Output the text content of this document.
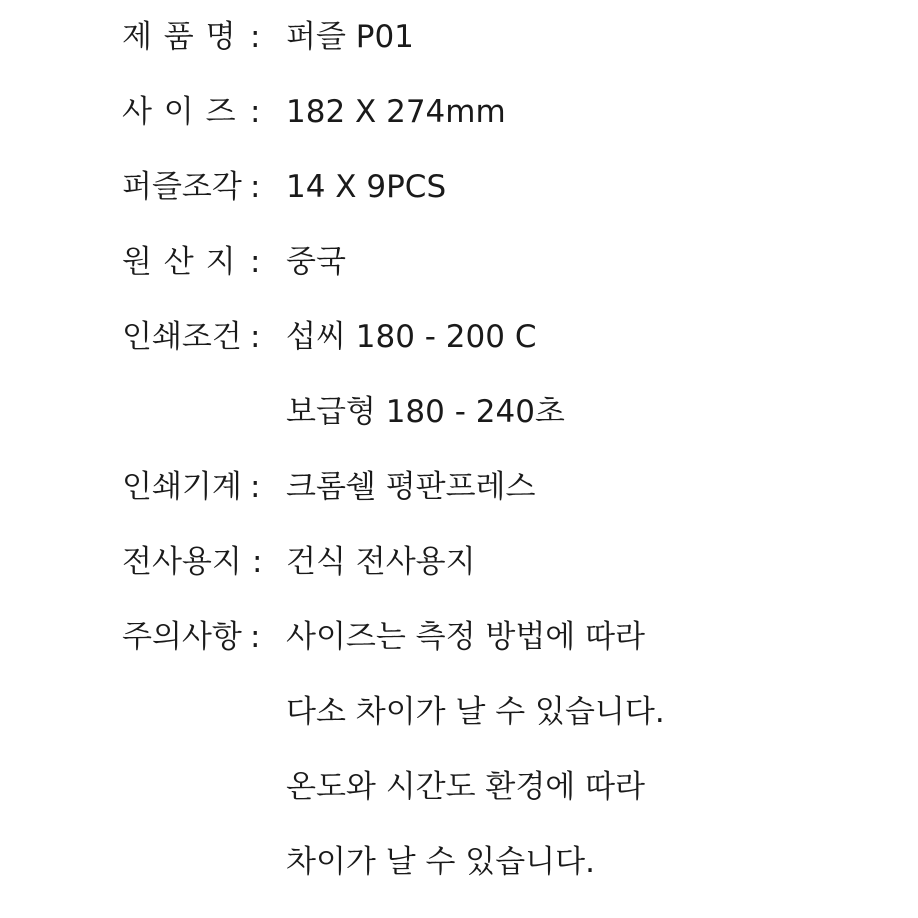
제 품 명 : 퍼즐 P01
사 이 즈 : 182 X 274mm
퍼즐조각 : 14 X 9PCS
원 산 지 : 중국
인쇄조건 : 섭씨 180 - 200 C
보급형 180 - 240초
인쇄기계 : 크롬쉘 평판프레스
전사용지 : 건식 전사용지
주의사항 : 사이즈는 측정 방법에 따라
다소 차이가 날 수 있습니다.
온도와 시간도 환경에 따라
차이가 날 수 있습니다.
